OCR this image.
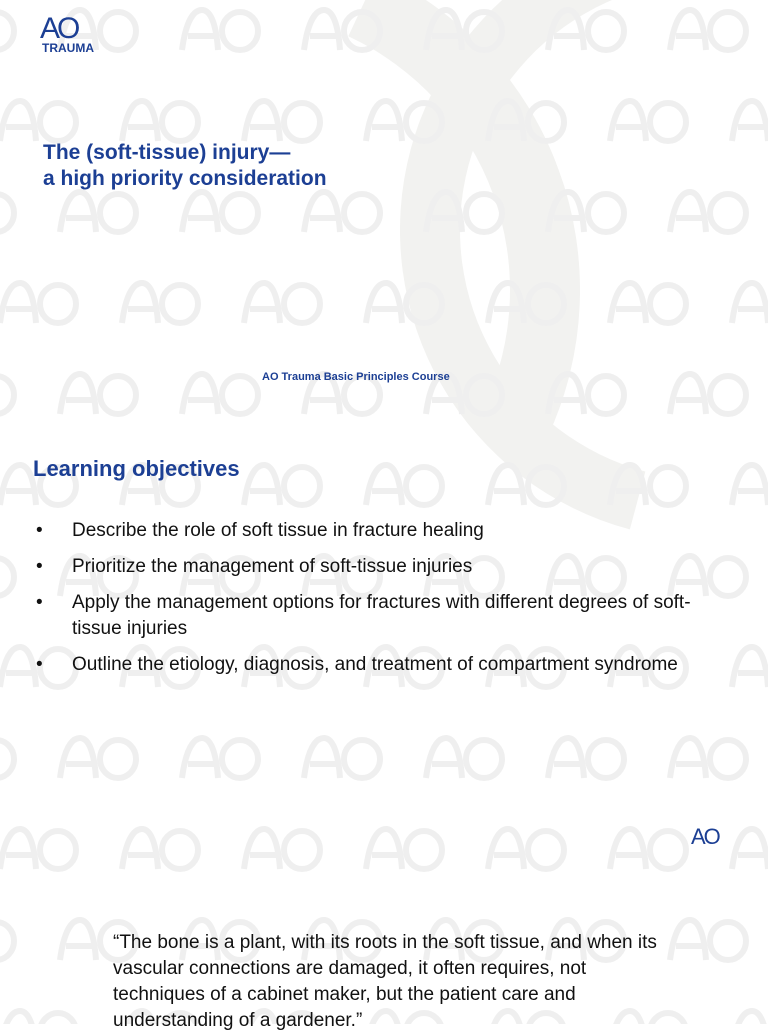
AO
TRAUMA
The (soft-tissue) injury—
a high priority consideration
AO Trauma Basic Principles Course
Learning objectives
• Describe the role of soft tissue in fracture healing
• Prioritize the management of soft-tissue injuries
• Apply the management options for fractures with different degrees of soft-tissue injuries
• Outline the etiology, diagnosis, and treatment of compartment syndrome
AO
“The bone is a plant, with its roots in the soft tissue, and when its vascular connections are damaged, it often requires, not techniques of a cabinet maker, but the patient care and understanding of a gardener.”
